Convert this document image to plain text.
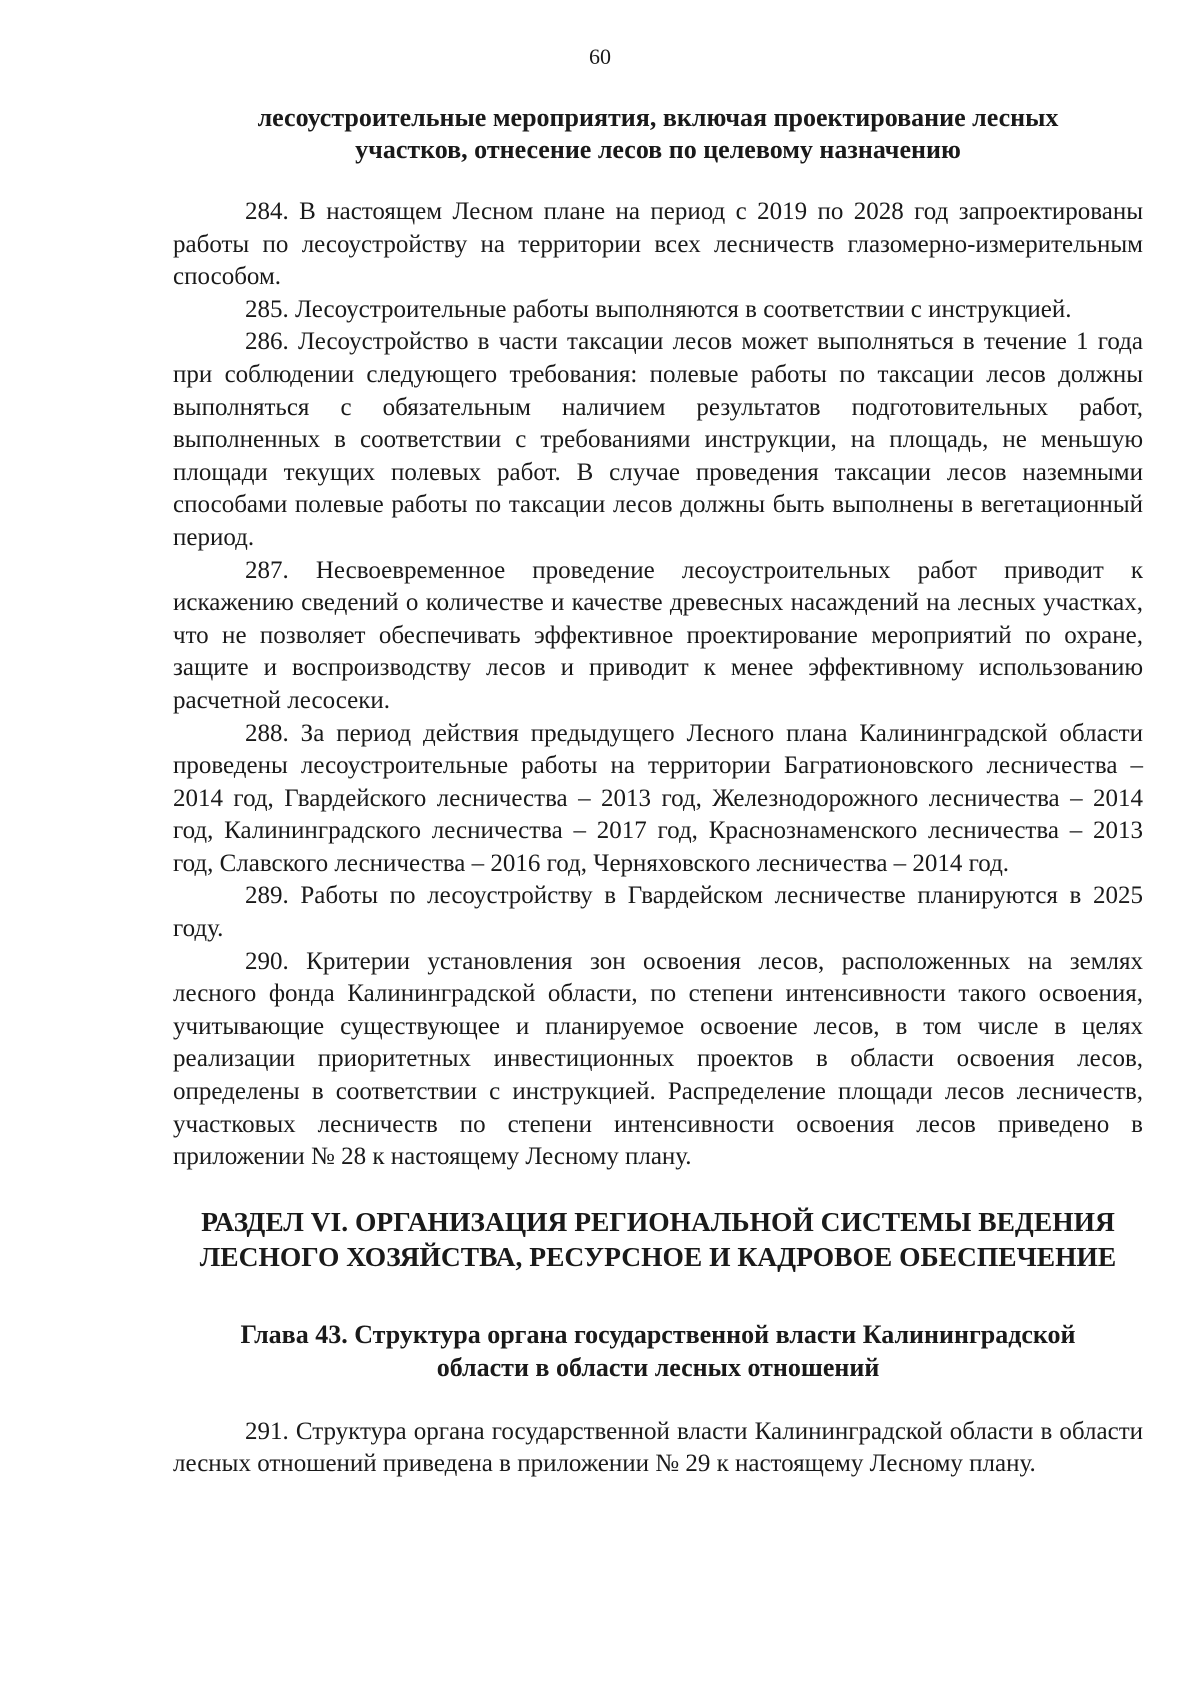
60
лесоустроительные мероприятия, включая проектирование лесных участков, отнесение лесов по целевому назначению

284. В настоящем Лесном плане на период с 2019 по 2028 год запроектированы работы по лесоустройству на территории всех лесничеств глазомерно-измерительным способом.

285. Лесоустроительные работы выполняются в соответствии с инструкцией.

286. Лесоустройство в части таксации лесов может выполняться в течение 1 года при соблюдении следующего требования: полевые работы по таксации лесов должны выполняться с обязательным наличием результатов подготовительных работ, выполненных в соответствии с требованиями инструкции, на площадь, не меньшую площади текущих полевых работ. В случае проведения таксации лесов наземными способами полевые работы по таксации лесов должны быть выполнены в вегетационный период.

287. Несвоевременное проведение лесоустроительных работ приводит к искажению сведений о количестве и качестве древесных насаждений на лесных участках, что не позволяет обеспечивать эффективное проектирование мероприятий по охране, защите и воспроизводству лесов и приводит к менее эффективному использованию расчетной лесосеки.

288. За период действия предыдущего Лесного плана Калининградской области проведены лесоустроительные работы на территории Багратионовского лесничества – 2014 год, Гвардейского лесничества – 2013 год, Железнодорожного лесничества – 2014 год, Калининградского лесничества – 2017 год, Краснознаменского лесничества – 2013 год, Славского лесничества – 2016 год, Черняховского лесничества – 2014 год.

289. Работы по лесоустройству в Гвардейском лесничестве планируются в 2025 году.

290. Критерии установления зон освоения лесов, расположенных на землях лесного фонда Калининградской области, по степени интенсивности такого освоения, учитывающие существующее и планируемое освоение лесов, в том числе в целях реализации приоритетных инвестиционных проектов в области освоения лесов, определены в соответствии с инструкцией. Распределение площади лесов лесничеств, участковых лесничеств по степени интенсивности освоения лесов приведено в приложении № 28 к настоящему Лесному плану.

РАЗДЕЛ VI. ОРГАНИЗАЦИЯ РЕГИОНАЛЬНОЙ СИСТЕМЫ ВЕДЕНИЯ ЛЕСНОГО ХОЗЯЙСТВА, РЕСУРСНОЕ И КАДРОВОЕ ОБЕСПЕЧЕНИЕ
Глава 43. Структура органа государственной власти Калининградской области в области лесных отношений

291. Структура органа государственной власти Калининградской области в области лесных отношений приведена в приложении № 29 к настоящему Лесному плану.
